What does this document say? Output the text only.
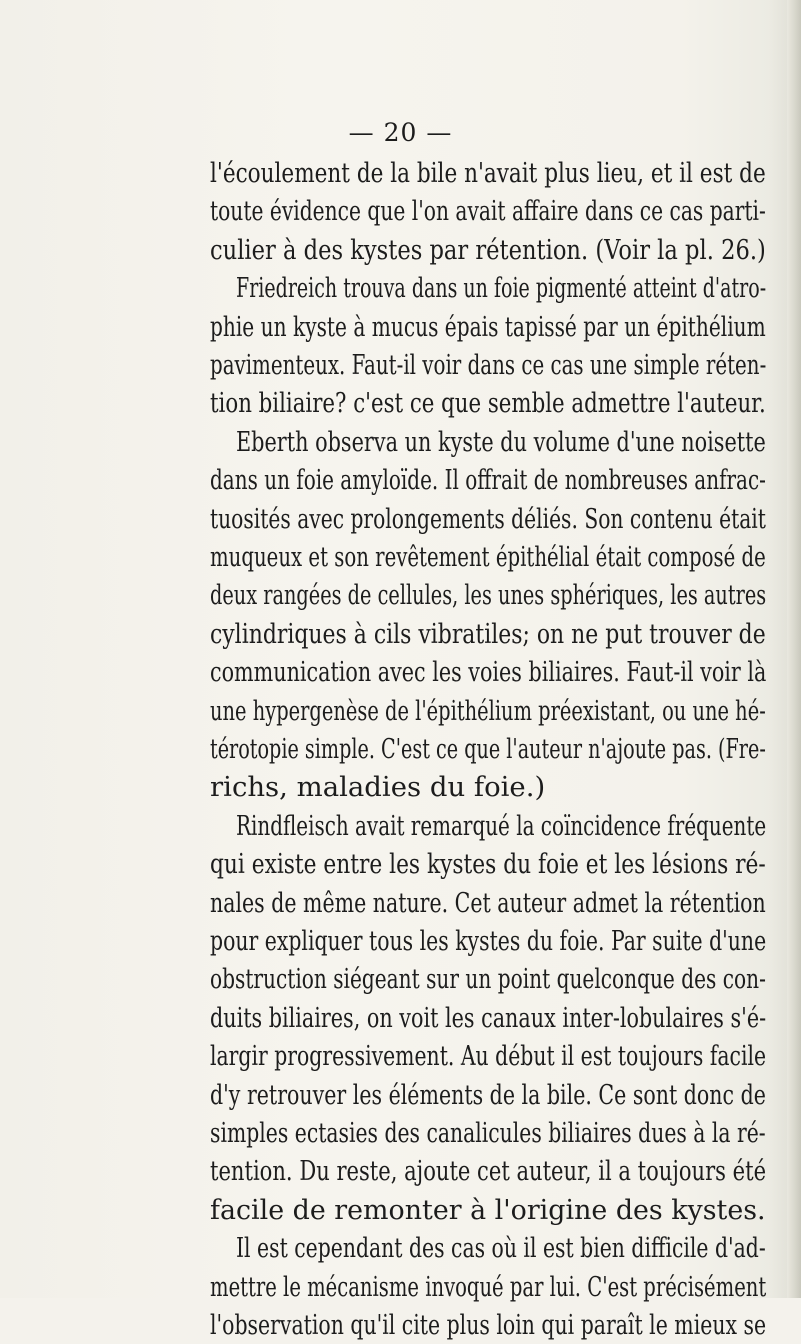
— 20 —
l'écoulement de la bile n'avait plus lieu, et il est de
toute évidence que l'on avait affaire dans ce cas parti-
culier à des kystes par rétention. (Voir la pl. 26.)
Friedreich trouva dans un foie pigmenté atteint d'atro-
phie un kyste à mucus épais tapissé par un épithélium
pavimenteux. Faut-il voir dans ce cas une simple réten-
tion biliaire? c'est ce que semble admettre l'auteur.
Eberth observa un kyste du volume d'une noisette
dans un foie amyloïde. Il offrait de nombreuses anfrac-
tuosités avec prolongements déliés. Son contenu était
muqueux et son revêtement épithélial était composé de
deux rangées de cellules, les unes sphériques, les autres
cylindriques à cils vibratiles; on ne put trouver de
communication avec les voies biliaires. Faut-il voir là
une hypergenèse de l'épithélium préexistant, ou une hé-
térotopie simple. C'est ce que l'auteur n'ajoute pas. (Fre-
richs, maladies du foie.)
Rindfleisch avait remarqué la coïncidence fréquente
qui existe entre les kystes du foie et les lésions ré-
nales de même nature. Cet auteur admet la rétention
pour expliquer tous les kystes du foie. Par suite d'une
obstruction siégeant sur un point quelconque des con-
duits biliaires, on voit les canaux inter-lobulaires s'é-
largir progressivement. Au début il est toujours facile
d'y retrouver les éléments de la bile. Ce sont donc de
simples ectasies des canalicules biliaires dues à la ré-
tention. Du reste, ajoute cet auteur, il a toujours été
facile de remonter à l'origine des kystes.
Il est cependant des cas où il est bien difficile d'ad-
mettre le mécanisme invoqué par lui. C'est précisément
l'observation qu'il cite plus loin qui paraît le mieux se
